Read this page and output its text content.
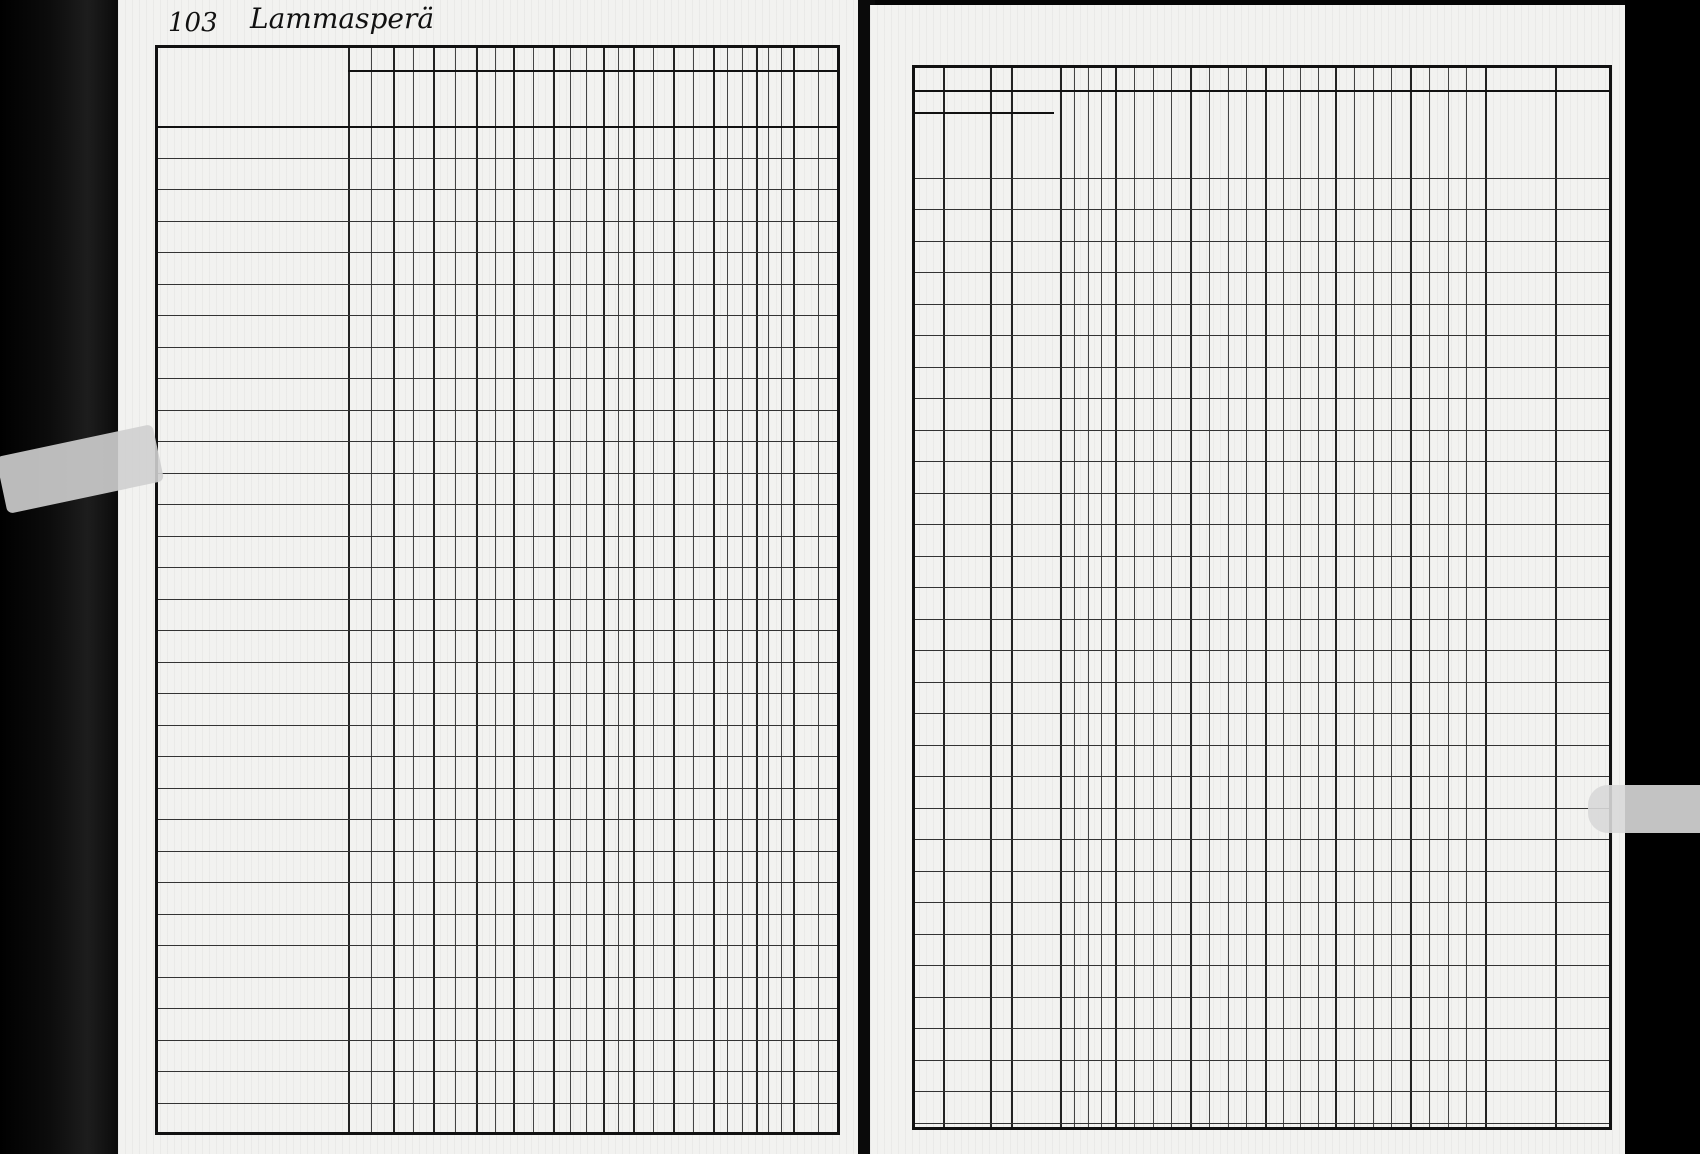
103 Lammasperä
